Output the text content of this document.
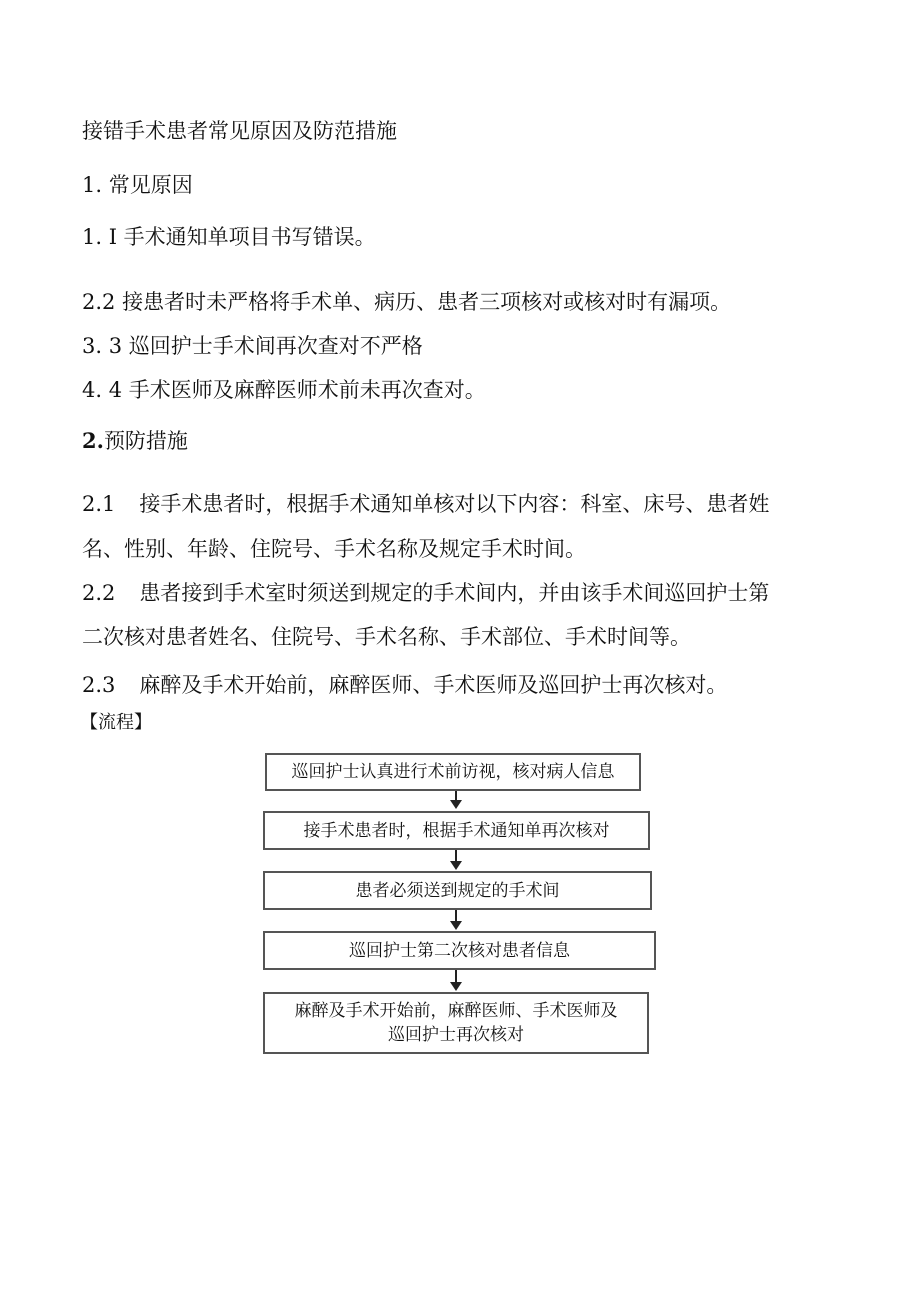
接错手术患者常见原因及防范措施
1. 常见原因
1. I 手术通知单项目书写错误。
2.2 接患者时未严格将手术单、病历、患者三项核对或核对时有漏项。
3. 3 巡回护士手术间再次查对不严格
4. 4 手术医师及麻醉医师术前未再次查对。
2.预防措施
2.1 接手术患者时，根据手术通知单核对以下内容：科室、床号、患者姓
名、性别、年龄、住院号、手术名称及规定手术时间。
2.2 患者接到手术室时须送到规定的手术间内，并由该手术间巡回护士第
二次核对患者姓名、住院号、手术名称、手术部位、手术时间等。
2.3 麻醉及手术开始前，麻醉医师、手术医师及巡回护士再次核对。
【流程】
巡回护士认真进行术前访视，核对病人信息
接手术患者时，根据手术通知单再次核对
患者必须送到规定的手术间
巡回护士第二次核对患者信息
麻醉及手术开始前，麻醉医师、手术医师及
巡回护士再次核对
